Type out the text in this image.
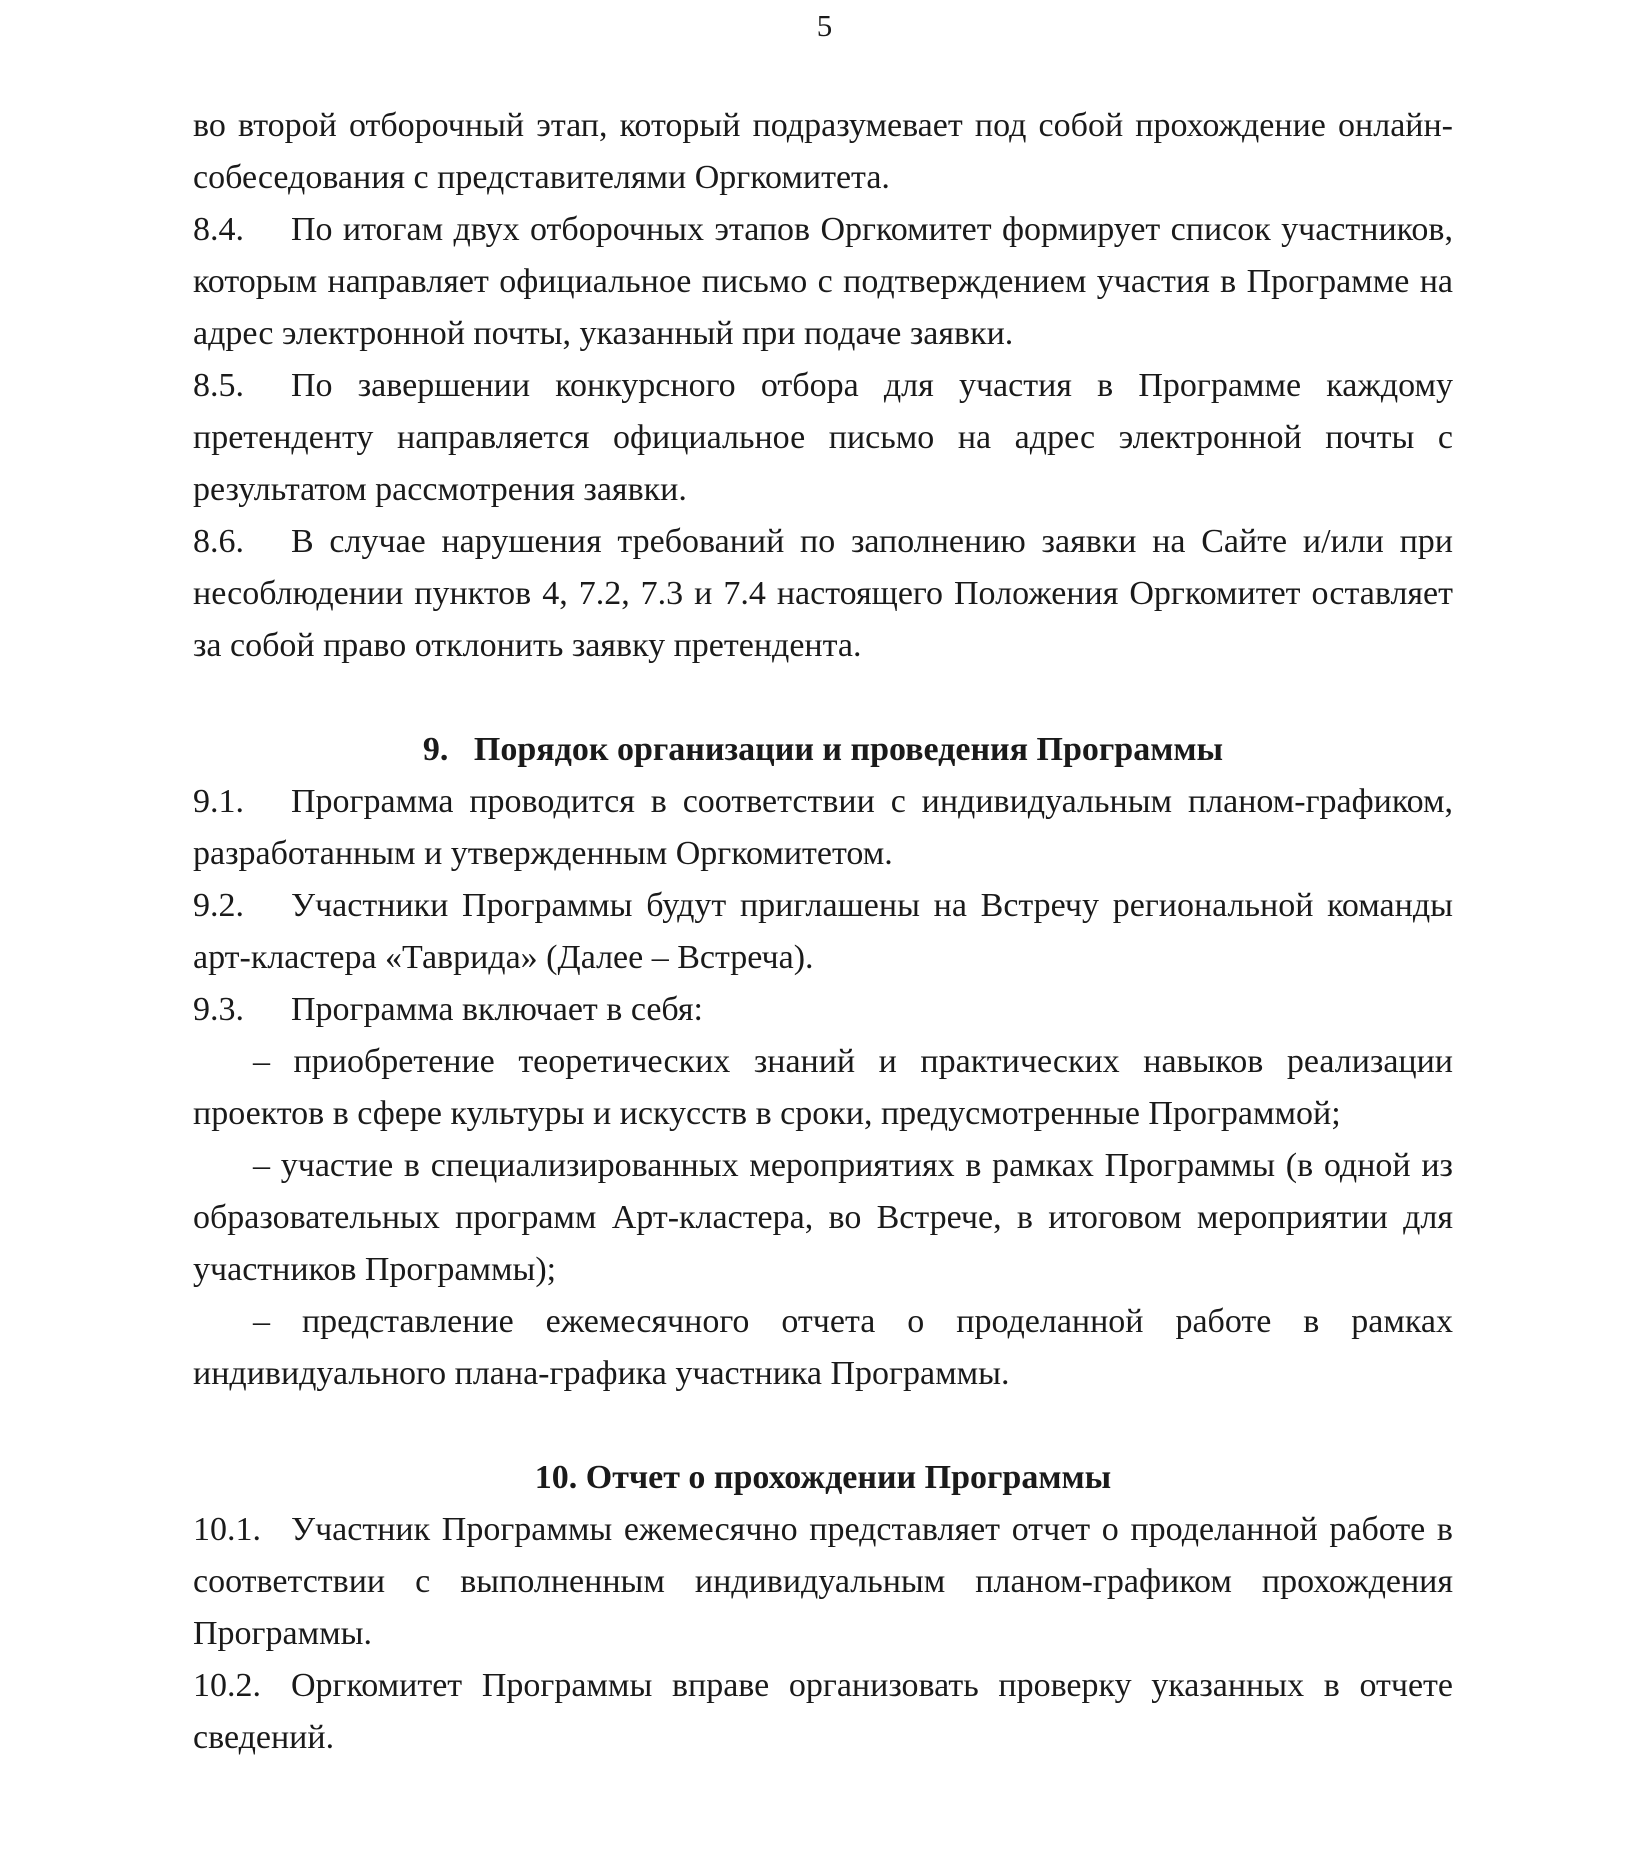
5
во второй отборочный этап, который подразумевает под собой прохождение онлайн-собеседования с представителями Оргкомитета.
8.4. По итогам двух отборочных этапов Оргкомитет формирует список участников, которым направляет официальное письмо с подтверждением участия в Программе на адрес электронной почты, указанный при подаче заявки.
8.5. По завершении конкурсного отбора для участия в Программе каждому претенденту направляется официальное письмо на адрес электронной почты с результатом рассмотрения заявки.
8.6. В случае нарушения требований по заполнению заявки на Сайте и/или при несоблюдении пунктов 4, 7.2, 7.3 и 7.4 настоящего Положения Оргкомитет оставляет за собой право отклонить заявку претендента.
9.   Порядок организации и проведения Программы
9.1. Программа проводится в соответствии с индивидуальным планом-графиком, разработанным и утвержденным Оргкомитетом.
9.2. Участники Программы будут приглашены на Встречу региональной команды арт-кластера «Таврида» (Далее – Встреча).
9.3. Программа включает в себя:
– приобретение теоретических знаний и практических навыков реализации проектов в сфере культуры и искусств в сроки, предусмотренные Программой;
– участие в специализированных мероприятиях в рамках Программы (в одной из образовательных программ Арт-кластера, во Встрече, в итоговом мероприятии для участников Программы);
– представление ежемесячного отчета о проделанной работе в рамках индивидуального плана-графика участника Программы.
10. Отчет о прохождении Программы
10.1. Участник Программы ежемесячно представляет отчет о проделанной работе в соответствии с выполненным индивидуальным планом-графиком прохождения Программы.
10.2. Оргкомитет Программы вправе организовать проверку указанных в отчете сведений.
